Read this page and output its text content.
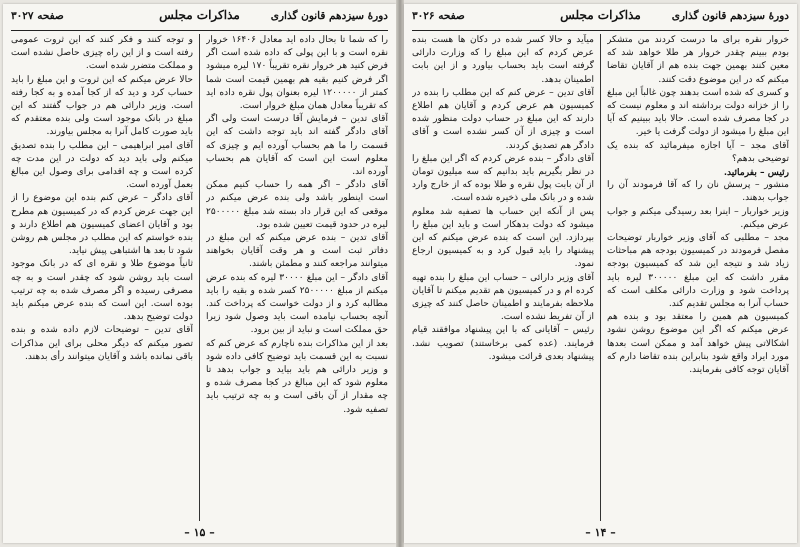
دورهٔ سیزدهم قانون گذاری
مذاکرات مجلس
صفحه ۳۰۲۷

را که شما تا بحال داده اید معادل ۱۶۴۰۶ خروار نقره است و با این پولی که داده شده است اگر فرض کنید هر خروار نقره تقریباً ۱۷۰ لیره میشود اگر فرض کنیم بقیه هم بهمین قیمت است شما کمتر از ۱۲۰۰۰۰۰ لیره بعنوان پول نقره داده اید که تقریباً معادل همان مبلغ خروار است.

آقای تدین – فرمایش آقا درست است ولی اگر آقای دادگر گفته اند باید توجه داشت که این قسمت را ما هم بحساب آورده ایم و چیزی که معلوم است این است که آقایان هم بحساب آورده اند.

آقای دادگر – اگر همه را حساب کنیم ممکن است اینطور باشد ولی بنده عرض میکنم در موقعی که این قرار داد بسته شد مبلغ ۲۵۰۰۰۰۰ لیره در حدود قیمت تعیین شده بود.

آقای تدین – بنده عرض میکنم که این مبلغ در دفاتر ثبت است و هر وقت آقایان بخواهند میتوانند مراجعه کنند و مطمئن باشند.

آقای دادگر – این مبلغ ۳۰۰۰۰ لیره که بنده عرض میکنم از مبلغ ۲۵۰۰۰۰۰ کسر شده و بقیه را باید مطالبه کرد و از دولت خواست که پرداخت کند. آنچه بحساب نیامده است باید وصول شود زیرا حق مملکت است و نباید از بین برود.

بعد از این مذاکرات بنده ناچارم که عرض کنم که نسبت به این قسمت باید توضیح کافی داده شود و وزیر دارائی هم باید بیاید و جواب بدهد تا معلوم شود که این مبالغ در کجا مصرف شده و چه مقدار از آن باقی است و به چه ترتیب باید تصفیه شود.

و توجه کنند و فکر کنند که این ثروت عمومی رفته است و از این راه چیزی حاصل نشده است و مملکت متضرر شده است.

حالا عرض میکنم که این ثروت و این مبلغ را باید حساب کرد و دید که از کجا آمده و به کجا رفته است. وزیر دارائی هم در جواب گفتند که این مبلغ در بانک موجود است ولی بنده معتقدم که باید صورت کامل آنرا به مجلس بیاورند.

آقای امیر ابراهیمی – این مطلب را بنده تصدیق میکنم ولی باید دید که دولت در این مدت چه کرده است و چه اقدامی برای وصول این مبالغ بعمل آورده است.

آقای دادگر – عرض کنم بنده این موضوع را از این جهت عرض کردم که در کمیسیون هم مطرح بود و آقایان اعضای کمیسیون هم اطلاع دارند و بنده خواستم که این مطلب در مجلس هم روشن شود تا بعد ها اشتباهی پیش نیاید.

ثانیاً موضوع طلا و نقره ای که در بانک موجود است باید روشن شود که چقدر است و به چه مصرفی رسیده و اگر مصرف شده به چه ترتیب بوده است. این است که بنده عرض میکنم باید دولت توضیح بدهد.

آقای تدین – توضیحات لازم داده شده و بنده تصور میکنم که دیگر محلی برای این مذاکرات باقی نمانده باشد و آقایان میتوانند رأی بدهند.

– ۱۵ –
دورهٔ سیزدهم قانون گذاری
مذاکرات مجلس
صفحه ۳۰۲۶

خروار نقره برای ما درست کردند من متشکر بودم ببینم چقدر خروار هر طلا خواهد شد که معین کنند بهمین جهت بنده هم از آقایان تقاضا میکنم که در این موضوع دقت کنند.

و کسری که شده است بدهند چون غالباً این مبلغ را از خزانه دولت برداشته اند و معلوم نیست که در کجا مصرف شده است. حالا باید ببینیم که آیا این مبلغ را میشود از دولت گرفت یا خیر.

آقای مجد – آیا اجازه میفرمائید که بنده یک توضیحی بدهم؟

رئیس – بفرمائید.

منشور – پرسش نان را که آقا فرمودند آن را جواب بدهند.

وزیر خواربار – اینرا بعد رسیدگی میکنم و جواب عرض میکنم.

مجد – مطلبی که آقای وزیر خواربار توضیحات مفصل فرمودند در کمیسیون بودجه هم مباحثات زیاد شد و نتیجه این شد که کمیسیون بودجه مقرر داشت که این مبلغ ۳۰۰۰۰۰ لیره باید پرداخت شود و وزارت دارائی مکلف است که حساب آنرا به مجلس تقدیم کند.

کمیسیون هم همین را معتقد بود و بنده هم عرض میکنم که اگر این موضوع روشن نشود اشکالاتی پیش خواهد آمد و ممکن است بعدها مورد ایراد واقع شود بنابراین بنده تقاضا دارم که آقایان توجه کافی بفرمایند.

میآید و حالا کسر شده در دکان ها هست بنده عرض کردم که این مبلغ را که وزارت دارائی گرفته است باید بحساب بیاورد و از این بابت اطمینان بدهد.

آقای تدین – عرض کنم که این مطلب را بنده در کمیسیون هم عرض کردم و آقایان هم اطلاع دارند که این مبلغ در حساب دولت منظور شده است و چیزی از آن کسر نشده است و آقای دادگر هم تصدیق کردند.

آقای دادگر – بنده عرض کردم که اگر این مبلغ را در نظر بگیریم باید بدانیم که سه میلیون تومان از آن بابت پول نقره و طلا بوده که از خارج وارد شده و در بانک ملی ذخیره شده است.

پس از آنکه این حساب ها تصفیه شد معلوم میشود که دولت بدهکار است و باید این مبلغ را بپردازد. این است که بنده عرض میکنم که این پیشنهاد را باید قبول کرد و به کمیسیون ارجاع نمود.

آقای وزیر دارائی – حساب این مبلغ را بنده تهیه کرده ام و در کمیسیون هم تقدیم میکنم تا آقایان ملاحظه بفرمایند و اطمینان حاصل کنند که چیزی از آن تفریط نشده است.

رئیس – آقایانی که با این پیشنهاد موافقند قیام فرمایند. (عده کمی برخاستند) تصویب نشد. پیشنهاد بعدی قرائت میشود.

– ۱۴ –
